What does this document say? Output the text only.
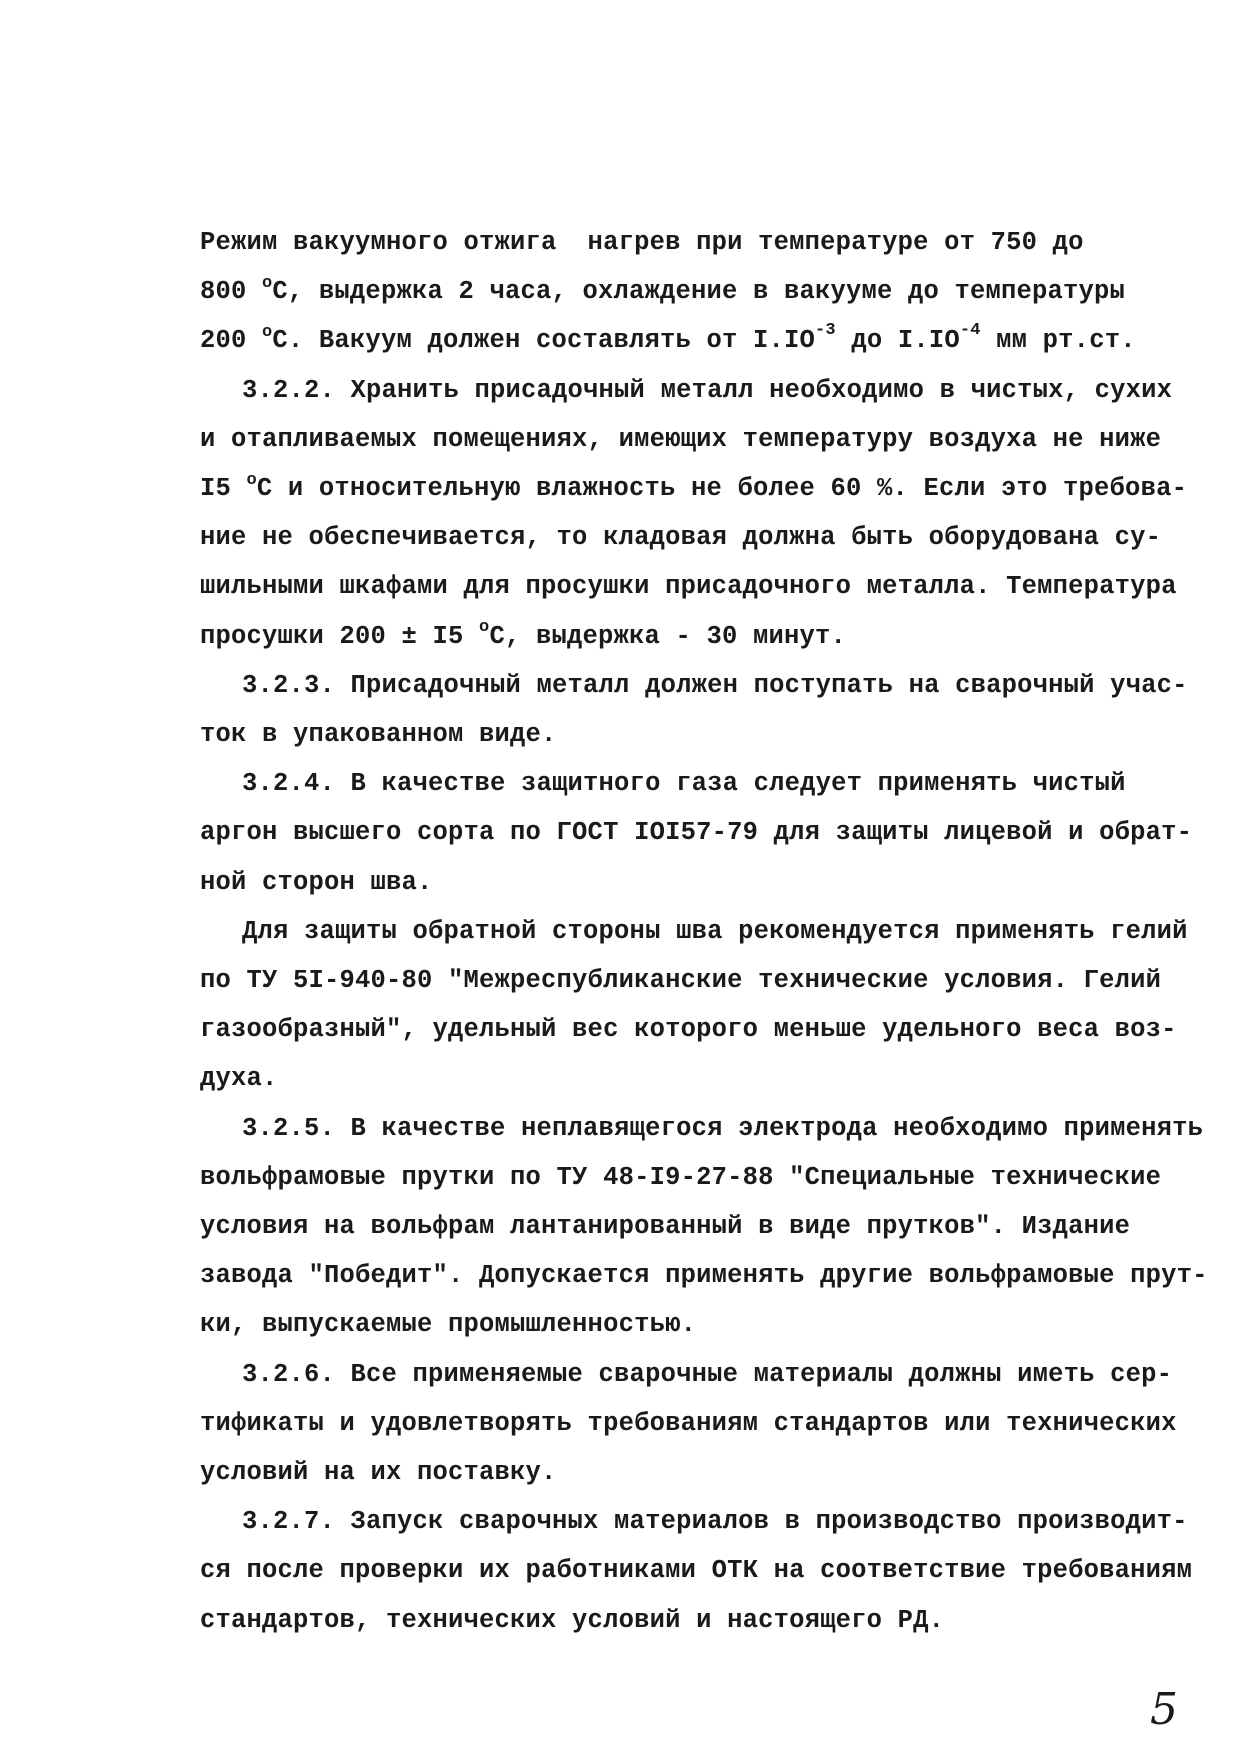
Режим вакуумного отжига  нагрев при температуре от 750 до
800 $^o$C, выдержка 2 часа, охлаждение в вакууме до температуры
200 $^o$C. Вакуум должен составлять от $I.IO^{-3}$ до $I.IO^{-4}$ мм рт.ст.
3.2.2. Хранить присадочный металл необходимо в чистых, сухих
и отапливаемых помещениях, имеющих температуру воздуха не ниже
I5 $^o$C и относительную влажность не более 60 %. Если это требова-
ние не обеспечивается, то кладовая должна быть оборудована су-
шильными шкафами для просушки присадочного металла. Температура
просушки 200 ± I5 $^o$C, выдержка - 30 минут.
3.2.3. Присадочный металл должен поступать на сварочный учас-
ток в упакованном виде.
3.2.4. В качестве защитного газа следует применять чистый
аргон высшего сорта по ГОСТ IOI57-79 для защиты лицевой и обрат-
ной сторон шва.
Для защиты обратной стороны шва рекомендуется применять гелий
по ТУ 5I-940-80 "Межреспубликанские технические условия. Гелий
газообразный", удельный вес которого меньше удельного веса воз-
духа.
3.2.5. В качестве неплавящегося электрода необходимо применять
вольфрамовые прутки по ТУ 48-I9-27-88 "Специальные технические
условия на вольфрам лантанированный в виде прутков". Издание
завода "Победит". Допускается применять другие вольфрамовые прут-
ки, выпускаемые промышленностью.
3.2.6. Все применяемые сварочные материалы должны иметь сер-
тификаты и удовлетворять требованиям стандартов или технических
условий на их поставку.
3.2.7. Запуск сварочных материалов в производство производит-
ся после проверки их работниками ОТК на соответствие требованиям
стандартов, технических условий и настоящего РД.
5
